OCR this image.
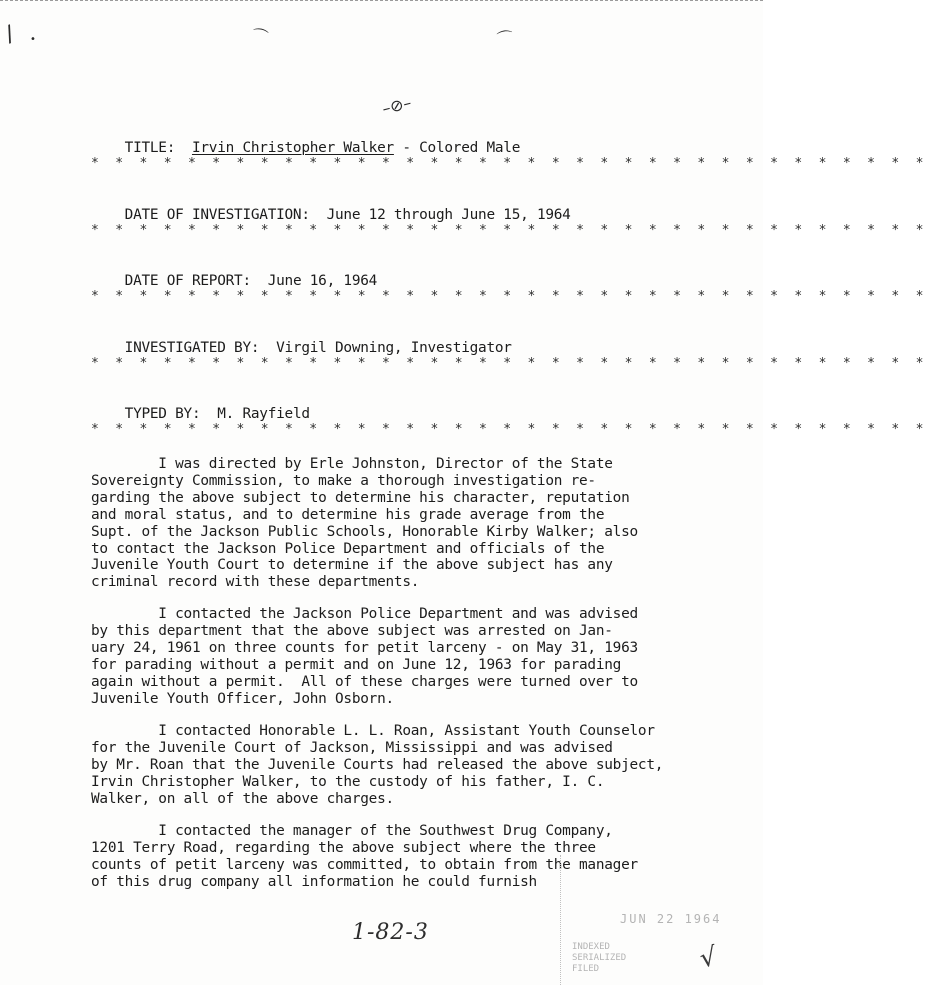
/ •	⌒	⌒
–⊘–

TITLE: Irvin Christopher Walker - Colored Male

* * * * * * * * * * * * * * * * * * * * * * * * * * * * * * * * * * *

DATE OF INVESTIGATION: June 12 through June 15, 1964

* * * * * * * * * * * * * * * * * * * * * * * * * * * * * * * * * * *

DATE OF REPORT: June 16, 1964

* * * * * * * * * * * * * * * * * * * * * * * * * * * * * * * * * * *

INVESTIGATED BY: Virgil Downing, Investigator

* * * * * * * * * * * * * * * * * * * * * * * * * * * * * * * * * * *

TYPED BY: M. Rayfield

* * * * * * * * * * * * * * * * * * * * * * * * * * * * * * * * * * *
I was directed by Erle Johnston, Director of the State
Sovereignty Commission, to make a thorough investigation re-
garding the above subject to determine his character, reputation
and moral status, and to determine his grade average from the
Supt. of the Jackson Public Schools, Honorable Kirby Walker; also
to contact the Jackson Police Department and officials of the
Juvenile Youth Court to determine if the above subject has any
criminal record with these departments.
I contacted the Jackson Police Department and was advised
by this department that the above subject was arrested on Jan-
uary 24, 1961 on three counts for petit larceny - on May 31, 1963
for parading without a permit and on June 12, 1963 for parading
again without a permit.  All of these charges were turned over to
Juvenile Youth Officer, John Osborn.
I contacted Honorable L. L. Roan, Assistant Youth Counselor
for the Juvenile Court of Jackson, Mississippi and was advised
by Mr. Roan that the Juvenile Courts had released the above subject,
Irvin Christopher Walker, to the custody of his father, I. C.
Walker, on all of the above charges.
I contacted the manager of the Southwest Drug Company,
1201 Terry Road, regarding the above subject where the three
counts of petit larceny was committed, to obtain from the manager
of this drug company all information he could furnish
1-82-3
JUN 22 1964
INDEXED
SERIALIZED
FILED	√
